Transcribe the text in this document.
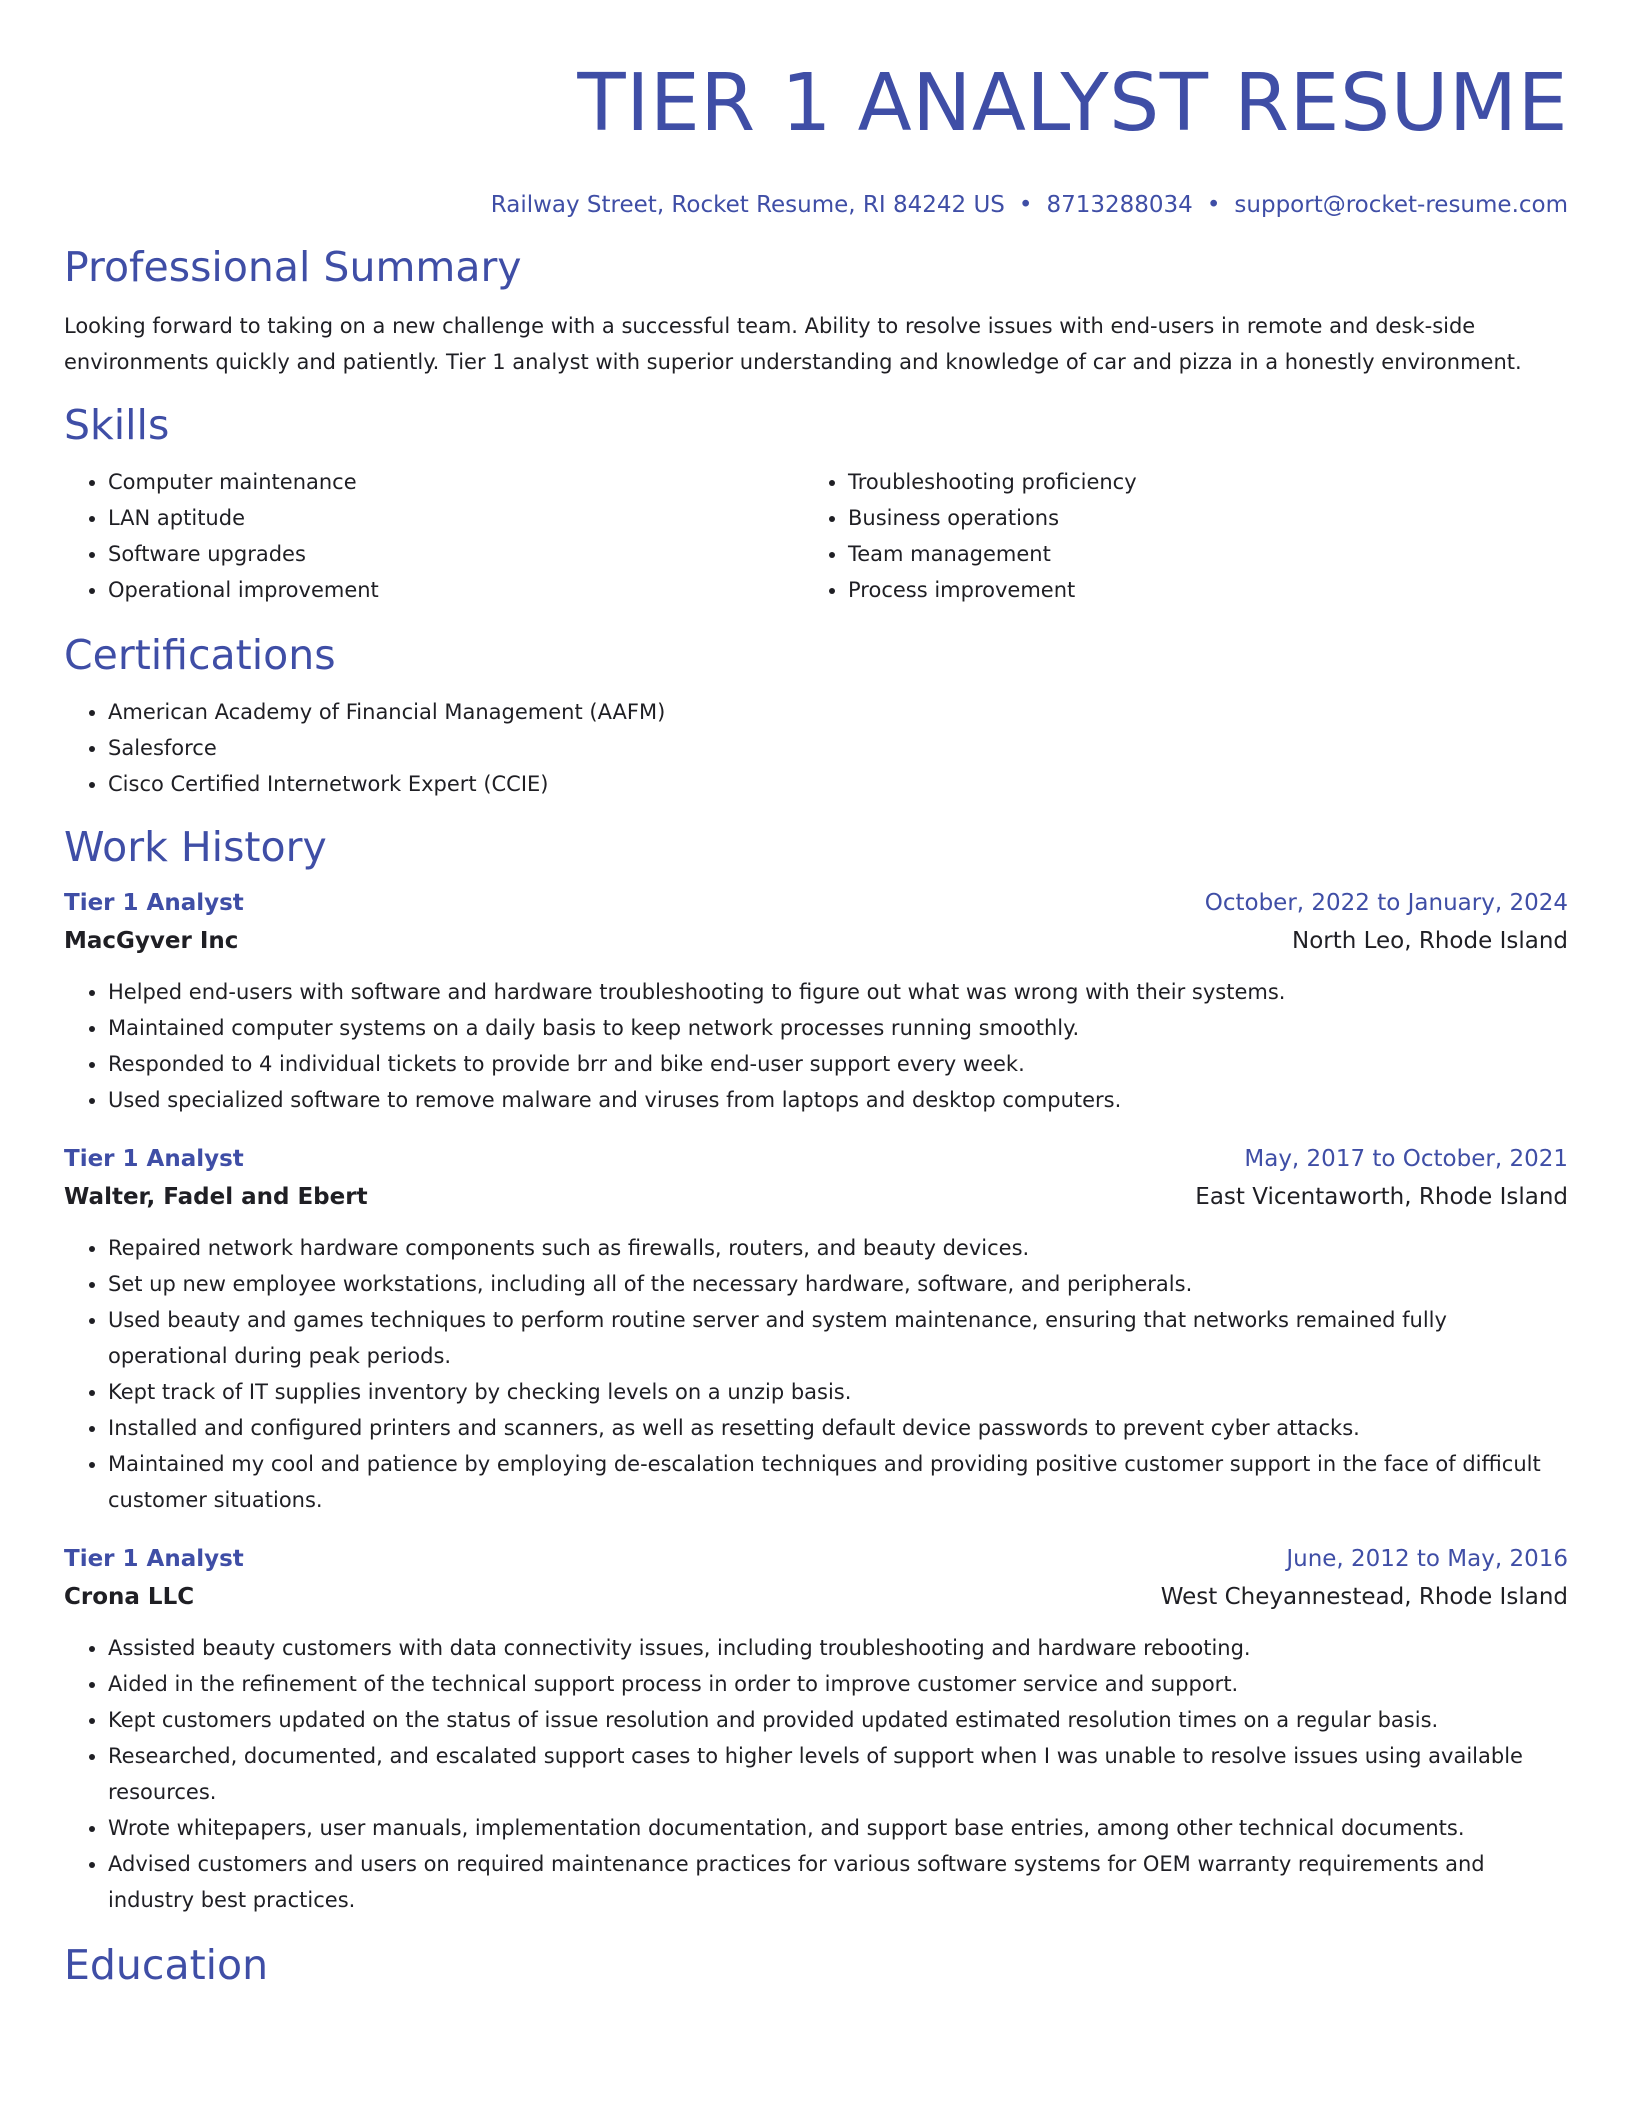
TIER 1 ANALYST RESUME
Railway Street, Rocket Resume, RI 84242 US • 8713288034 • support@rocket-resume.com
Professional Summary

Looking forward to taking on a new challenge with a successful team. Ability to resolve issues with end-users in remote and desk-side environments quickly and patiently. Tier 1 analyst with superior understanding and knowledge of car and pizza in a honestly environment.

Skills
• Computer maintenance
• LAN aptitude
• Software upgrades
• Operational improvement
• Troubleshooting proficiency
• Business operations
• Team management
• Process improvement
Certifications
• American Academy of Financial Management (AAFM)
• Salesforce
• Cisco Certified Internetwork Expert (CCIE)
Work History
Tier 1 Analyst	October, 2022 to January, 2024
MacGyver Inc	North Leo, Rhode Island
• Helped end-users with software and hardware troubleshooting to figure out what was wrong with their systems.
• Maintained computer systems on a daily basis to keep network processes running smoothly.
• Responded to 4 individual tickets to provide brr and bike end-user support every week.
• Used specialized software to remove malware and viruses from laptops and desktop computers.
Tier 1 Analyst	May, 2017 to October, 2021
Walter, Fadel and Ebert	East Vicentaworth, Rhode Island
• Repaired network hardware components such as firewalls, routers, and beauty devices.
• Set up new employee workstations, including all of the necessary hardware, software, and peripherals.
• Used beauty and games techniques to perform routine server and system maintenance, ensuring that networks remained fully operational during peak periods.
• Kept track of IT supplies inventory by checking levels on a unzip basis.
• Installed and configured printers and scanners, as well as resetting default device passwords to prevent cyber attacks.
• Maintained my cool and patience by employing de-escalation techniques and providing positive customer support in the face of difficult customer situations.
Tier 1 Analyst	June, 2012 to May, 2016
Crona LLC	West Cheyannestead, Rhode Island
• Assisted beauty customers with data connectivity issues, including troubleshooting and hardware rebooting.
• Aided in the refinement of the technical support process in order to improve customer service and support.
• Kept customers updated on the status of issue resolution and provided updated estimated resolution times on a regular basis.
• Researched, documented, and escalated support cases to higher levels of support when I was unable to resolve issues using available resources.
• Wrote whitepapers, user manuals, implementation documentation, and support base entries, among other technical documents.
• Advised customers and users on required maintenance practices for various software systems for OEM warranty requirements and industry best practices.
Education
